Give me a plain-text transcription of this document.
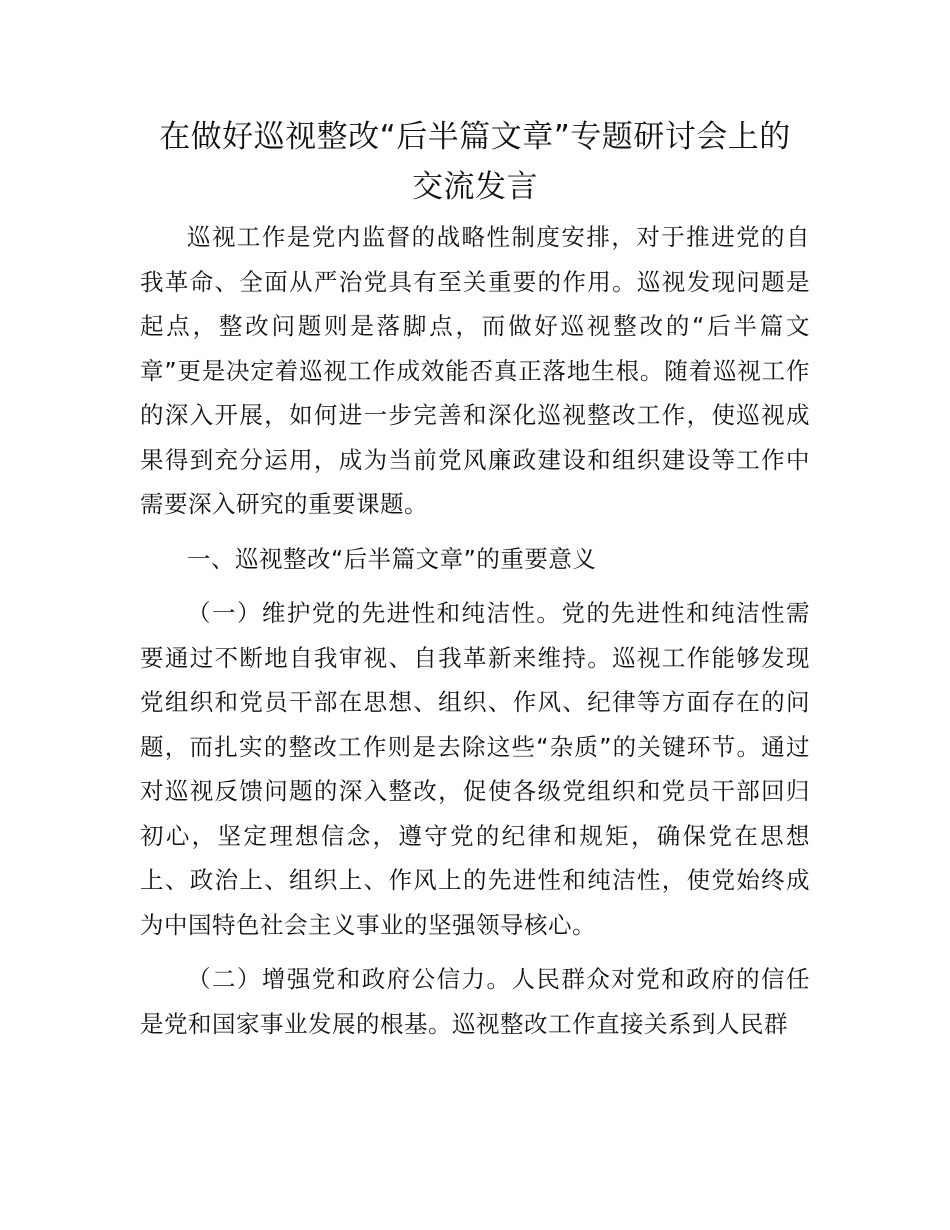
在做好巡视整改“后半篇文章”专题研讨会上的
交流发言

巡视工作是党内监督的战略性制度安排，对于推进党的自我革命、全面从严治党具有至关重要的作用。巡视发现问题是起点，整改问题则是落脚点，而做好巡视整改的“后半篇文章”更是决定着巡视工作成效能否真正落地生根。随着巡视工作的深入开展，如何进一步完善和深化巡视整改工作，使巡视成果得到充分运用，成为当前党风廉政建设和组织建设等工作中需要深入研究的重要课题。

一、巡视整改“后半篇文章”的重要意义

（一）维护党的先进性和纯洁性。党的先进性和纯洁性需要通过不断地自我审视、自我革新来维持。巡视工作能够发现党组织和党员干部在思想、组织、作风、纪律等方面存在的问题，而扎实的整改工作则是去除这些“杂质”的关键环节。通过对巡视反馈问题的深入整改，促使各级党组织和党员干部回归初心，坚定理想信念，遵守党的纪律和规矩，确保党在思想上、政治上、组织上、作风上的先进性和纯洁性，使党始终成为中国特色社会主义事业的坚强领导核心。

（二）增强党和政府公信力。人民群众对党和政府的信任是党和国家事业发展的根基。巡视整改工作直接关系到人民群
